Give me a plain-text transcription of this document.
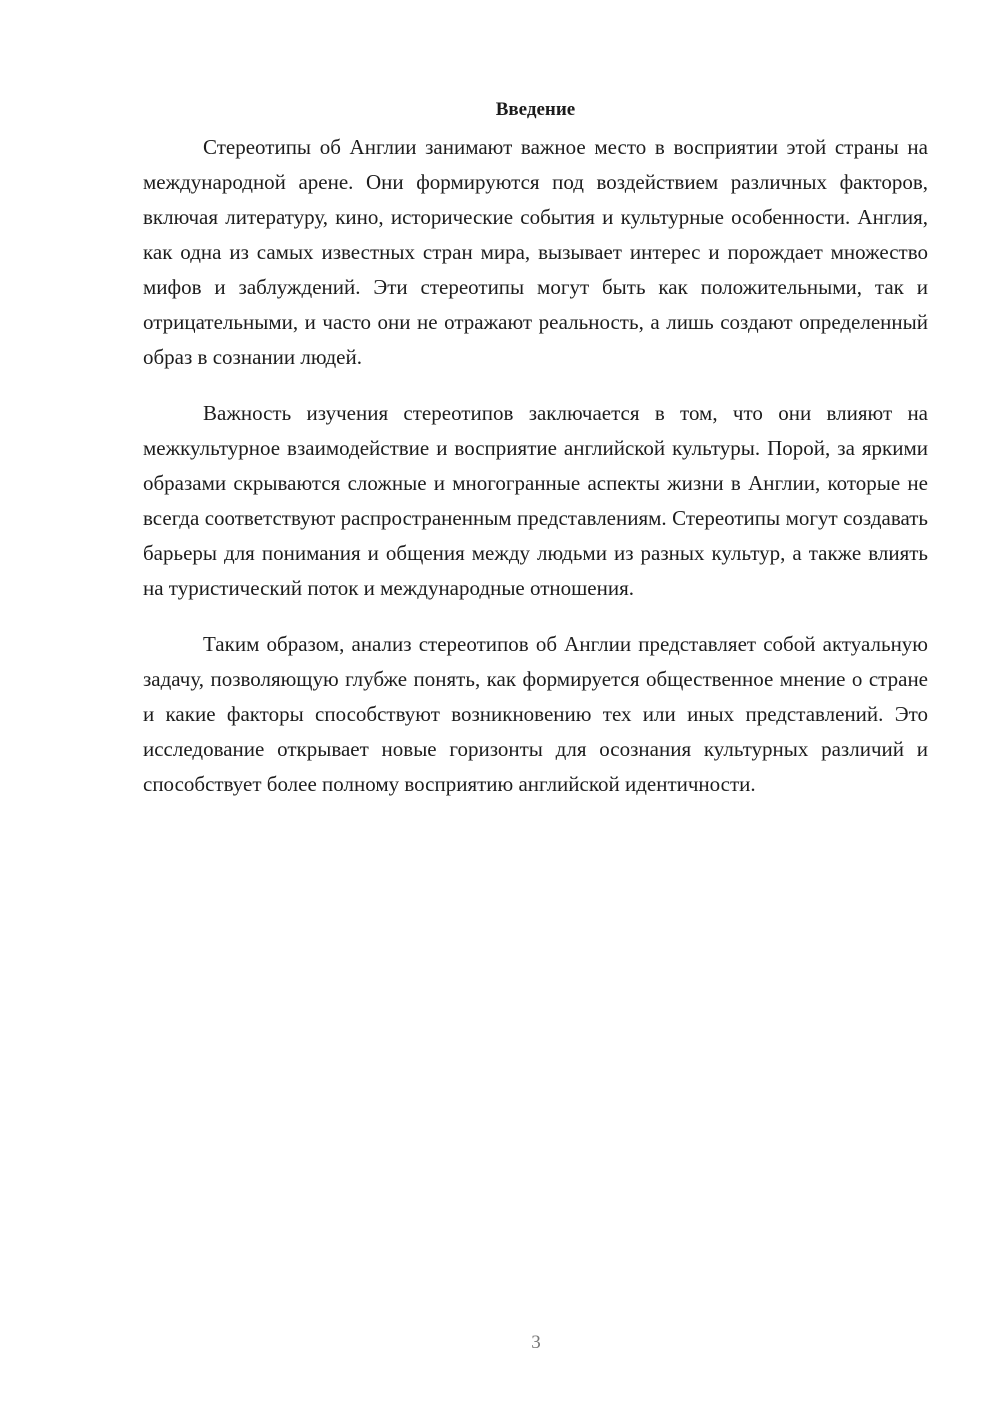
Введение

Стереотипы об Англии занимают важное место в восприятии этой страны на международной арене. Они формируются под воздействием различных факторов, включая литературу, кино, исторические события и культурные особенности. Англия, как одна из самых известных стран мира, вызывает интерес и порождает множество мифов и заблуждений. Эти стереотипы могут быть как положительными, так и отрицательными, и часто они не отражают реальность, а лишь создают определенный образ в сознании людей.

Важность изучения стереотипов заключается в том, что они влияют на межкультурное взаимодействие и восприятие английской культуры. Порой, за яркими образами скрываются сложные и многогранные аспекты жизни в Англии, которые не всегда соответствуют распространенным представлениям. Стереотипы могут создавать барьеры для понимания и общения между людьми из разных культур, а также влиять на туристический поток и международные отношения.

Таким образом, анализ стереотипов об Англии представляет собой актуальную задачу, позволяющую глубже понять, как формируется общественное мнение о стране и какие факторы способствуют возникновению тех или иных представлений. Это исследование открывает новые горизонты для осознания культурных различий и способствует более полному восприятию английской идентичности.

3
